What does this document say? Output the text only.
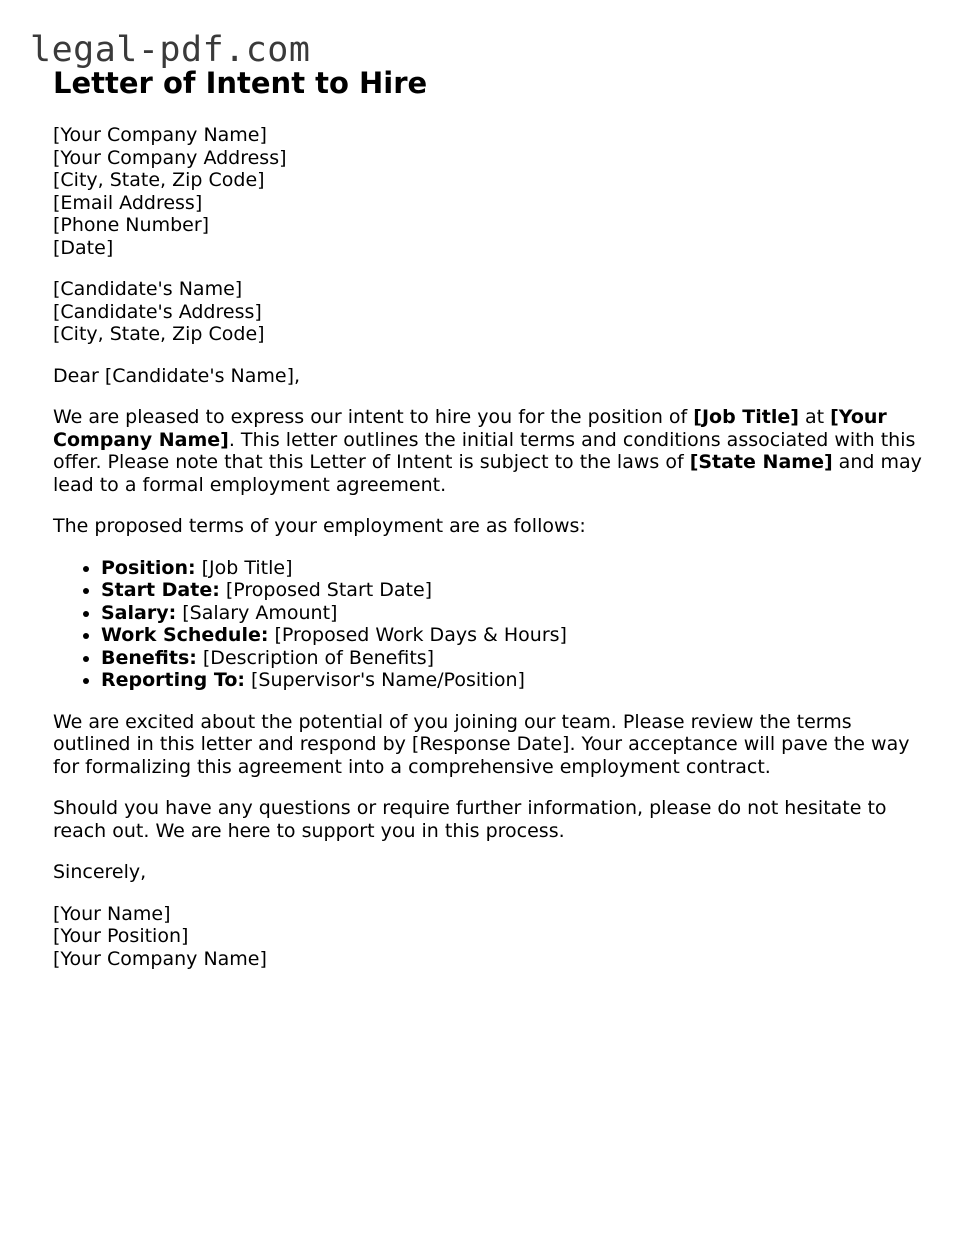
legal-pdf.com
Letter of Intent to Hire
[Your Company Name]
[Your Company Address]
[City, State, Zip Code]
[Email Address]
[Phone Number]
[Date]
[Candidate's Name]
[Candidate's Address]
[City, State, Zip Code]

Dear [Candidate's Name],

We are pleased to express our intent to hire you for the position of [Job Title] at [Your Company Name]. This letter outlines the initial terms and conditions associated with this offer. Please note that this Letter of Intent is subject to the laws of [State Name] and may lead to a formal employment agreement.

The proposed terms of your employment are as follows:

• Position: [Job Title]
• Start Date: [Proposed Start Date]
• Salary: [Salary Amount]
• Work Schedule: [Proposed Work Days & Hours]
• Benefits: [Description of Benefits]
• Reporting To: [Supervisor's Name/Position]

We are excited about the potential of you joining our team. Please review the terms outlined in this letter and respond by [Response Date]. Your acceptance will pave the way for formalizing this agreement into a comprehensive employment contract.

Should you have any questions or require further information, please do not hesitate to reach out. We are here to support you in this process.

Sincerely,

[Your Name]
[Your Position]
[Your Company Name]
